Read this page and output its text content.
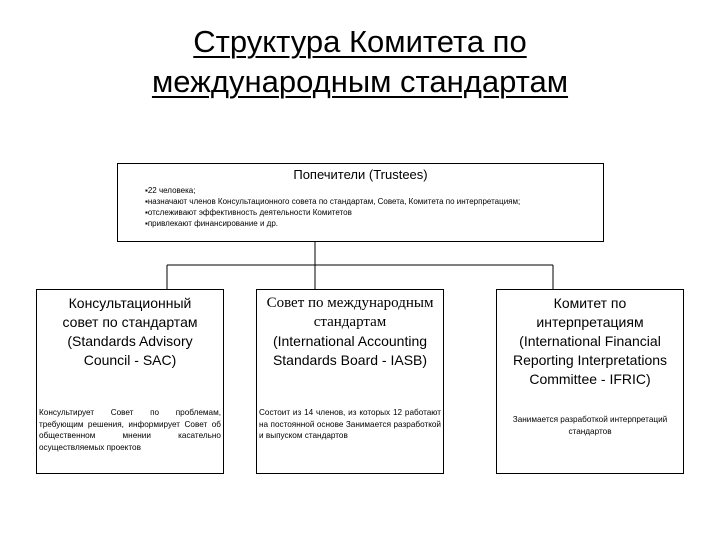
Структура Комитета по
международным стандартам
Попечители (Trustees)
▪22 человека;
▪назначают членов Консультационного совета по стандартам, Совета, Комитета по интерпретациям;
▪отслеживают эффективность деятельности Комитетов
▪привлекают финансирование и др.
Консультационный
совет по стандартам
(Standards Advisory
Council - SAC)
Консультирует Совет по проблемам, требующим решения, информирует Совет об общественном мнении касательно осуществляемых проектов
Совет по международным
стандартам
(International Accounting
Standards Board - IASB)
Состоит из 14 членов, из которых 12 работают на постоянной основе Занимается разработкой и выпуском стандартов
Комитет по
интерпретациям
(International Financial
Reporting Interpretations
Committee - IFRIC)
Занимается разработкой интерпретаций стандартов
